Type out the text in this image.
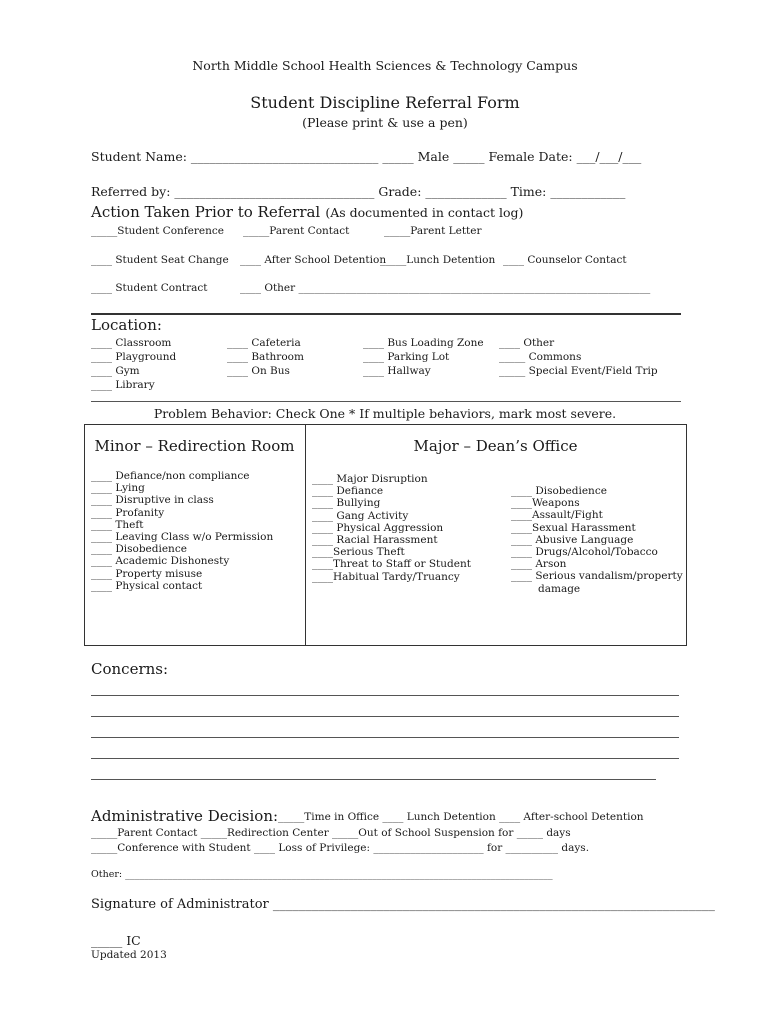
North Middle School Health Sciences & Technology Campus
Student Discipline Referral Form
(Please print & use a pen)
Student Name: ______________________________ _____ Male _____ Female Date: ___/___/___
Referred by: ________________________________ Grade: _____________ Time: ____________
Action Taken Prior to Referral (As documented in contact log)
_____Student Conference _____Parent Contact	_____Parent Letter
____ Student Seat Change ____ After School Detention
_____Lunch Detention ____ Counselor Contact
____ Student Contract	____ Other ___________________________________________________________________
Location:
____ Classroom
____ Playground
____ Gym
____ Library
____ Cafeteria
____ Bathroom
____ On Bus
____ Bus Loading Zone
____ Parking Lot
____ Hallway
____ Other
_____ Commons
_____ Special Event/Field Trip
Problem Behavior: Check One * If multiple behaviors, mark most severe.
Minor – Redirection Room	Major – Dean’s Office
____ Defiance/non compliance
____ Lying
____ Disruptive in class
____ Profanity
____ Theft
____ Leaving Class w/o Permission
____ Disobedience
____ Academic Dishonesty
____ Property misuse
____ Physical contact
____ Major Disruption
____ Defiance
____ Bullying
____ Gang Activity
____ Physical Aggression
____ Racial Harassment
____Serious Theft
____Threat to Staff or Student
____Habitual Tardy/Truancy
____ Disobedience
____Weapons
____Assault/Fight
____Sexual Harassment
____ Abusive Language
____ Drugs/Alcohol/Tobacco
____ Arson
____ Serious vandalism/property
damage
Concerns:
Administrative Decision: _____Time in Office ____ Lunch Detention ____ After-school Detention
_____Parent Contact _____Redirection Center _____Out of School Suspension for _____ days
_____Conference with Student ____ Loss of Privilege: _____________________ for __________ days.
Other: __________________________________________________________________________________________
Signature of Administrator ____________________________________________________________________
_____ IC
Updated 2013
